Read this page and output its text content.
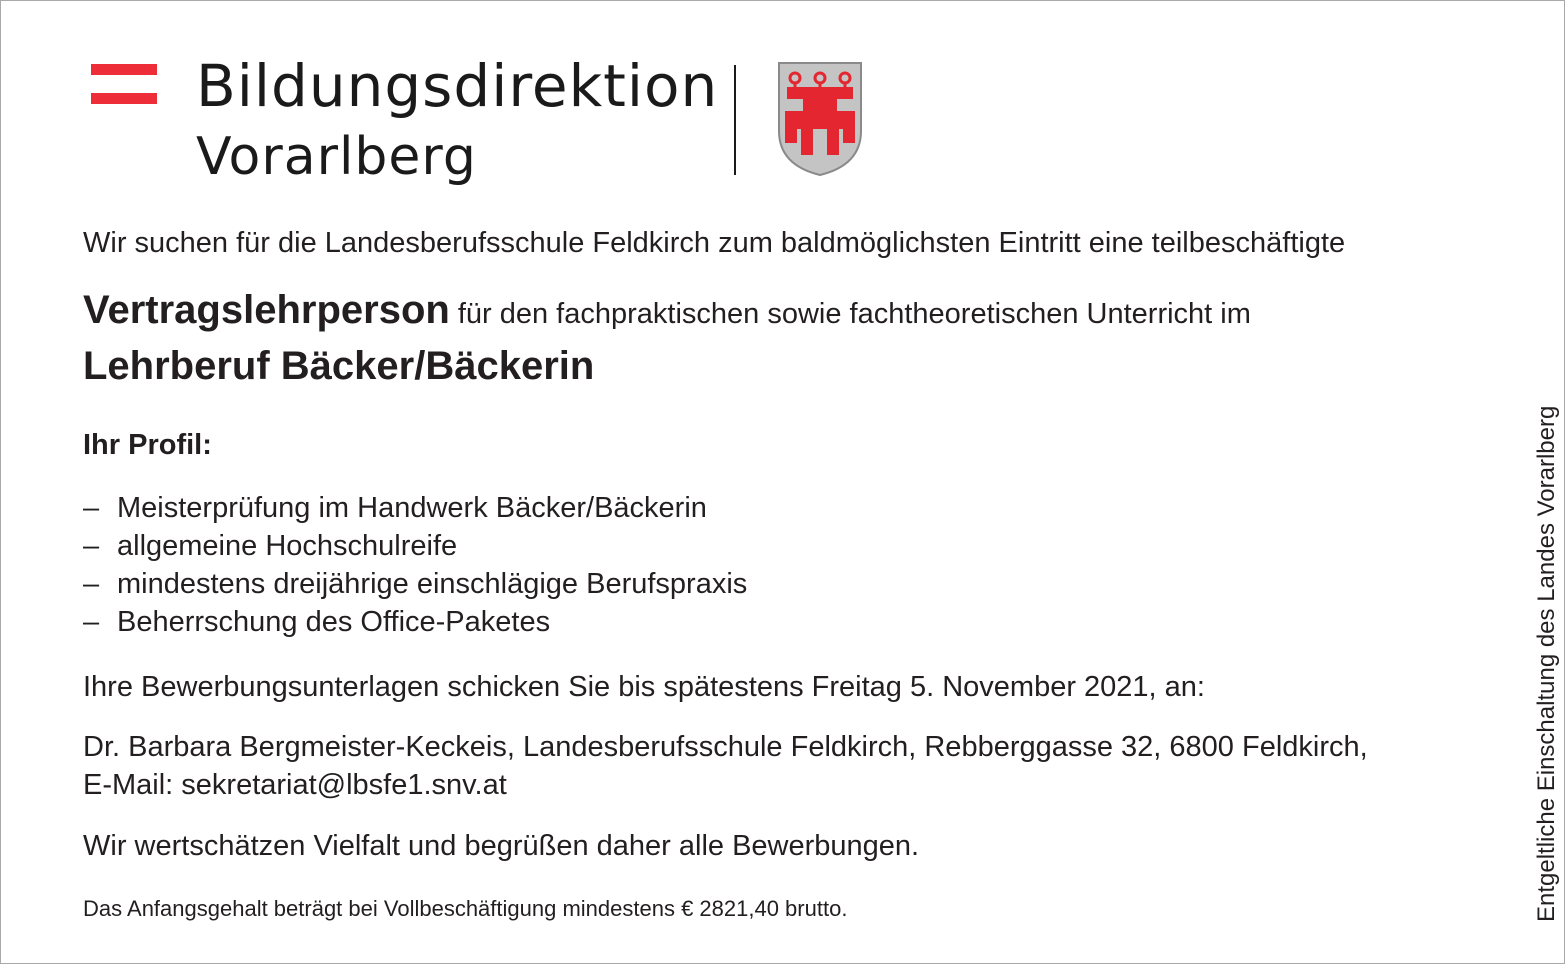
Bildungsdirektion
Vorarlberg
Wir suchen für die Landesberufsschule Feldkirch zum baldmöglichsten Eintritt eine teilbeschäftigte
Vertragslehrperson für den fachpraktischen sowie fachtheoretischen Unterricht im
Lehrberuf Bäcker/Bäckerin
Ihr Profil:
– Meisterprüfung im Handwerk Bäcker/Bäckerin
– allgemeine Hochschulreife
– mindestens dreijährige einschlägige Berufspraxis
– Beherrschung des Office-Paketes
Ihre Bewerbungsunterlagen schicken Sie bis spätestens Freitag 5. November 2021, an:
Dr. Barbara Bergmeister-Keckeis, Landesberufsschule Feldkirch, Rebberggasse 32, 6800 Feldkirch,
E-Mail: sekretariat@lbsfe1.snv.at
Wir wertschätzen Vielfalt und begrüßen daher alle Bewerbungen.
Das Anfangsgehalt beträgt bei Vollbeschäftigung mindestens € 2821,40 brutto.	Entgeltliche Einschaltung des Landes Vorarlberg
